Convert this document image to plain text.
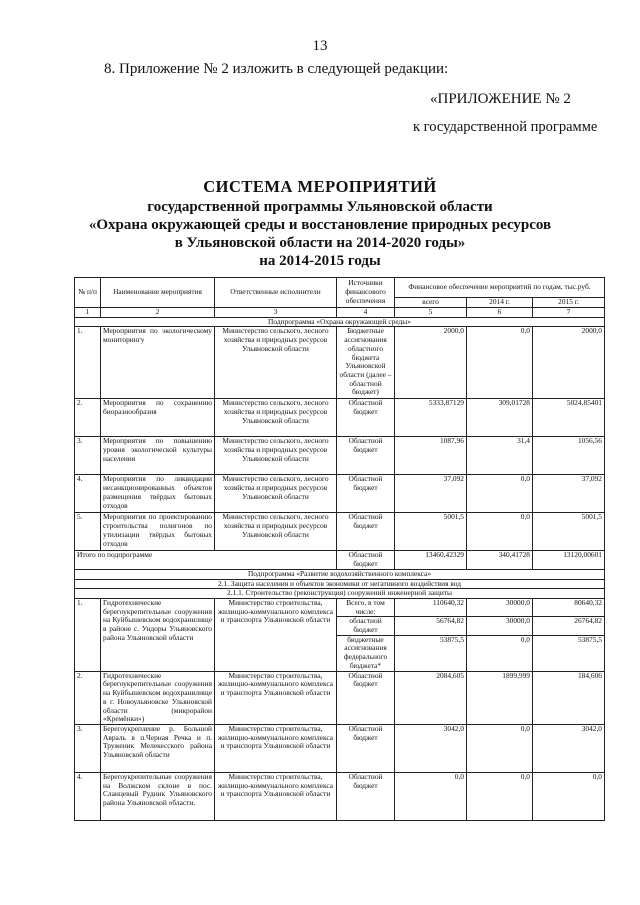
13
8. Приложение № 2 изложить в следующей редакции:
«ПРИЛОЖЕНИЕ № 2
к государственной программе
СИСТЕМА МЕРОПРИЯТИЙ
государственной программы Ульяновской области
«Охрана окружающей среды и восстановление природных ресурсов
в Ульяновской области на 2014-2020 годы»
на 2014-2015 годы
№ п/п	Наименование мероприятия	Ответственные исполнители	Источники финансового обеспечения	Финансовое обеспечение мероприятий по годам, тыс.руб.		
				всего	2014 г.	2015 г.
1	2	3	4	5	6	7
Подпрограмма «Охрана окружающей среды»						
1.	Мероприятия по экологическому мониторингу	Министерство сельского, лесного хозяйства и природных ресурсов Ульяновской области	Бюджетные ассигнования областного бюджета Ульяновской области (далее – областной бюджет)	2000,0	0,0	2000,0
2.	Мероприятия по сохранению биоразнообразия	Министерство сельского, лесного хозяйства и природных ресурсов Ульяновской области	Областной бюджет	5333,87129	309,01728	5024,85401
3.	Мероприятия по повышению уровня экологической культуры населения	Министерство сельского, лесного хозяйства и природных ресурсов Ульяновской области	Областной бюджет	1087,96	31,4	1056,56
4.	Мероприятия по ликвидации несанкционированных объектов размещения твёрдых бытовых отходов	Министерство сельского, лесного хозяйства и природных ресурсов Ульяновской области	Областной бюджет	37,092	0,0	37,092
5.	Мероприятия по проектированию строительства полигонов по утилизации твёрдых бытовых отходов	Министерство сельского, лесного хозяйства и природных ресурсов Ульяновской области	Областной бюджет	5001,5	0,0	5001,5
Итого по подпрограмме			Областной бюджет	13460,42329	340,41728	13120,00601
Подпрограмма «Развитие водохозяйственного комплекса»						
2.1. Защита населения и объектов экономики от негативного воздействия вод						
2.1.1. Строительство (реконструкция) сооружений инженерной защиты						
1.	Гидротехнические берегоукрепительные сооружения на Куйбышевском водохранилище в районе с. Ундоры Ульяновского района Ульяновской области	Министерство строительства, жилищно-коммунального комплекса и транспорта Ульяновской области	Всего, в том числе:	110640,32	30000,0	80640,32
			областной бюджет	56764,82	30000,0	26764,82
			бюджетные ассигнования федерального бюджета*	53875,5	0,0	53875,5
2.	Гидротехнические берегоукрепительные сооружения на Куйбышевском водохранилище в г. Новоульяновске Ульяновской области (микрорайон «Кремёнки»)	Министерство строительства, жилищно-коммунального комплекса и транспорта Ульяновской области	Областной бюджет	2084,605	1899,999	184,606
3.	Берегоукрепление р. Большой Авраль в п.Черная Речка и п. Труженик Мелекесского района Ульяновской области	Министерство строительства, жилищно-коммунального комплекса и транспорта Ульяновской области	Областной бюджет	3042,0	0,0	3042,0
4.	Берегоукрепительные сооружения на Волжском склоне в пос. Сланцевый Рудник Ульяновского района Ульяновской области.	Министерство строительства, жилищно-коммунального комплекса и транспорта Ульяновской области	Областной бюджет	0,0	0,0	0,0
